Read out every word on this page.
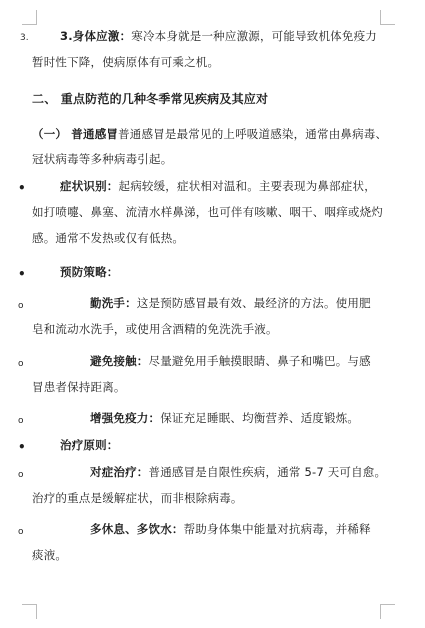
3.	3.身体应激：寒冷本身就是一种应激源，可能导致机体免疫力
暂时性下降，使病原体有可乘之机。
二、 重点防范的几种冬季常见疾病及其应对
（一） 普通感冒普通感冒是最常见的上呼吸道感染，通常由鼻病毒、
冠状病毒等多种病毒引起。
•	症状识别：起病较缓，症状相对温和。主要表现为鼻部症状，
如打喷嚏、鼻塞、流清水样鼻涕，也可伴有咳嗽、咽干、咽痒或烧灼
感。通常不发热或仅有低热。
•	预防策略：
o	勤洗手：这是预防感冒最有效、最经济的方法。使用肥
皂和流动水洗手，或使用含酒精的免洗洗手液。
o	避免接触：尽量避免用手触摸眼睛、鼻子和嘴巴。与感
冒患者保持距离。
o	增强免疫力：保证充足睡眠、均衡营养、适度锻炼。
•	治疗原则：
o	对症治疗：普通感冒是自限性疾病，通常 5-7 天可自愈。
治疗的重点是缓解症状，而非根除病毒。
o	多休息、多饮水：帮助身体集中能量对抗病毒，并稀释
痰液。
